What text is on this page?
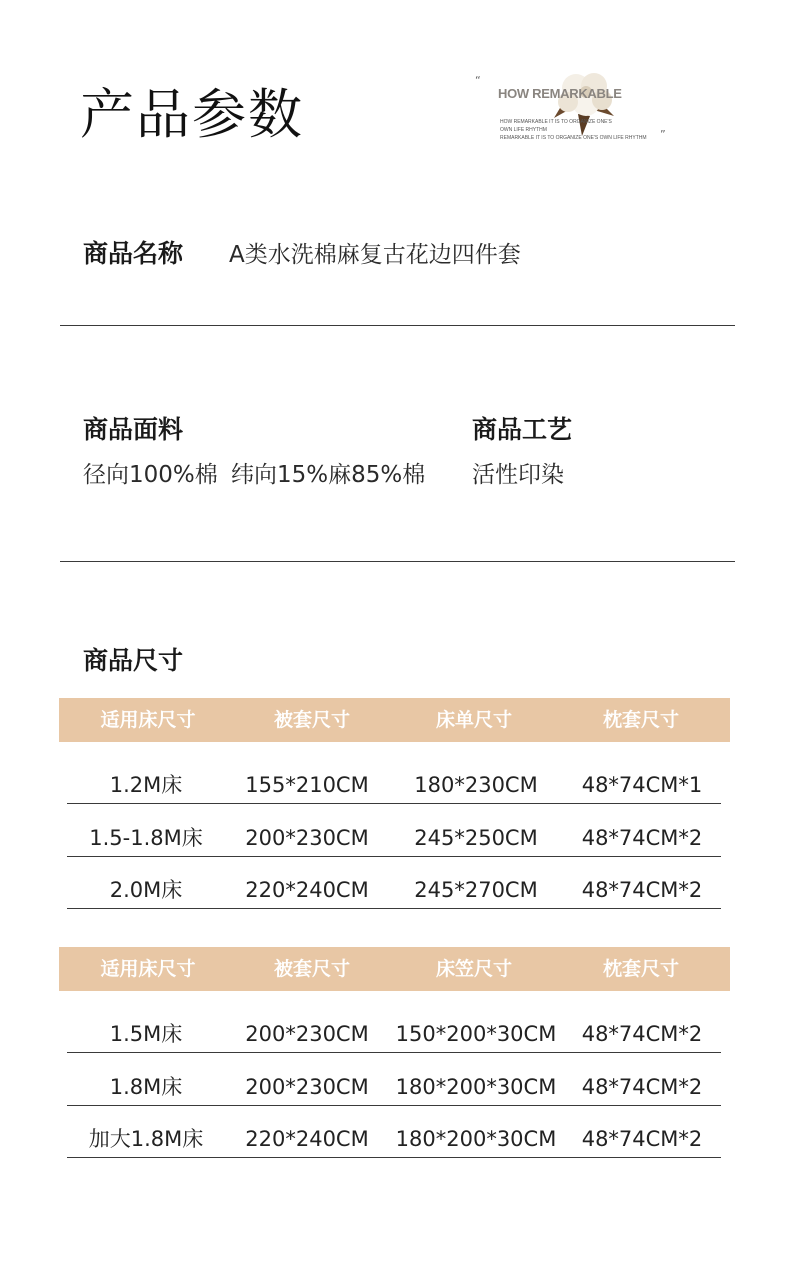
产品参数
“
HOW REMARKABLE
HOW REMARKABLE IT IS TO ORGANIZE ONE'S
OWN LIFE RHYTHM
REMARKABLE IT IS TO ORGANIZE ONE'S OWN LIFE RHYTHM ”
商品名称 A类水洗棉麻复古花边四件套
商品面料
径向100%棉 纬向15%麻85%棉
商品工艺
活性印染
商品尺寸
适用床尺寸	被套尺寸	床单尺寸	枕套尺寸
1.2M床	155*210CM	180*230CM	48*74CM*1
1.5-1.8M床	200*230CM	245*250CM	48*74CM*2
2.0M床	220*240CM	245*270CM	48*74CM*2
适用床尺寸	被套尺寸	床笠尺寸	枕套尺寸
1.5M床	200*230CM	150*200*30CM	48*74CM*2
1.8M床	200*230CM	180*200*30CM	48*74CM*2
加大1.8M床	220*240CM	180*200*30CM	48*74CM*2
